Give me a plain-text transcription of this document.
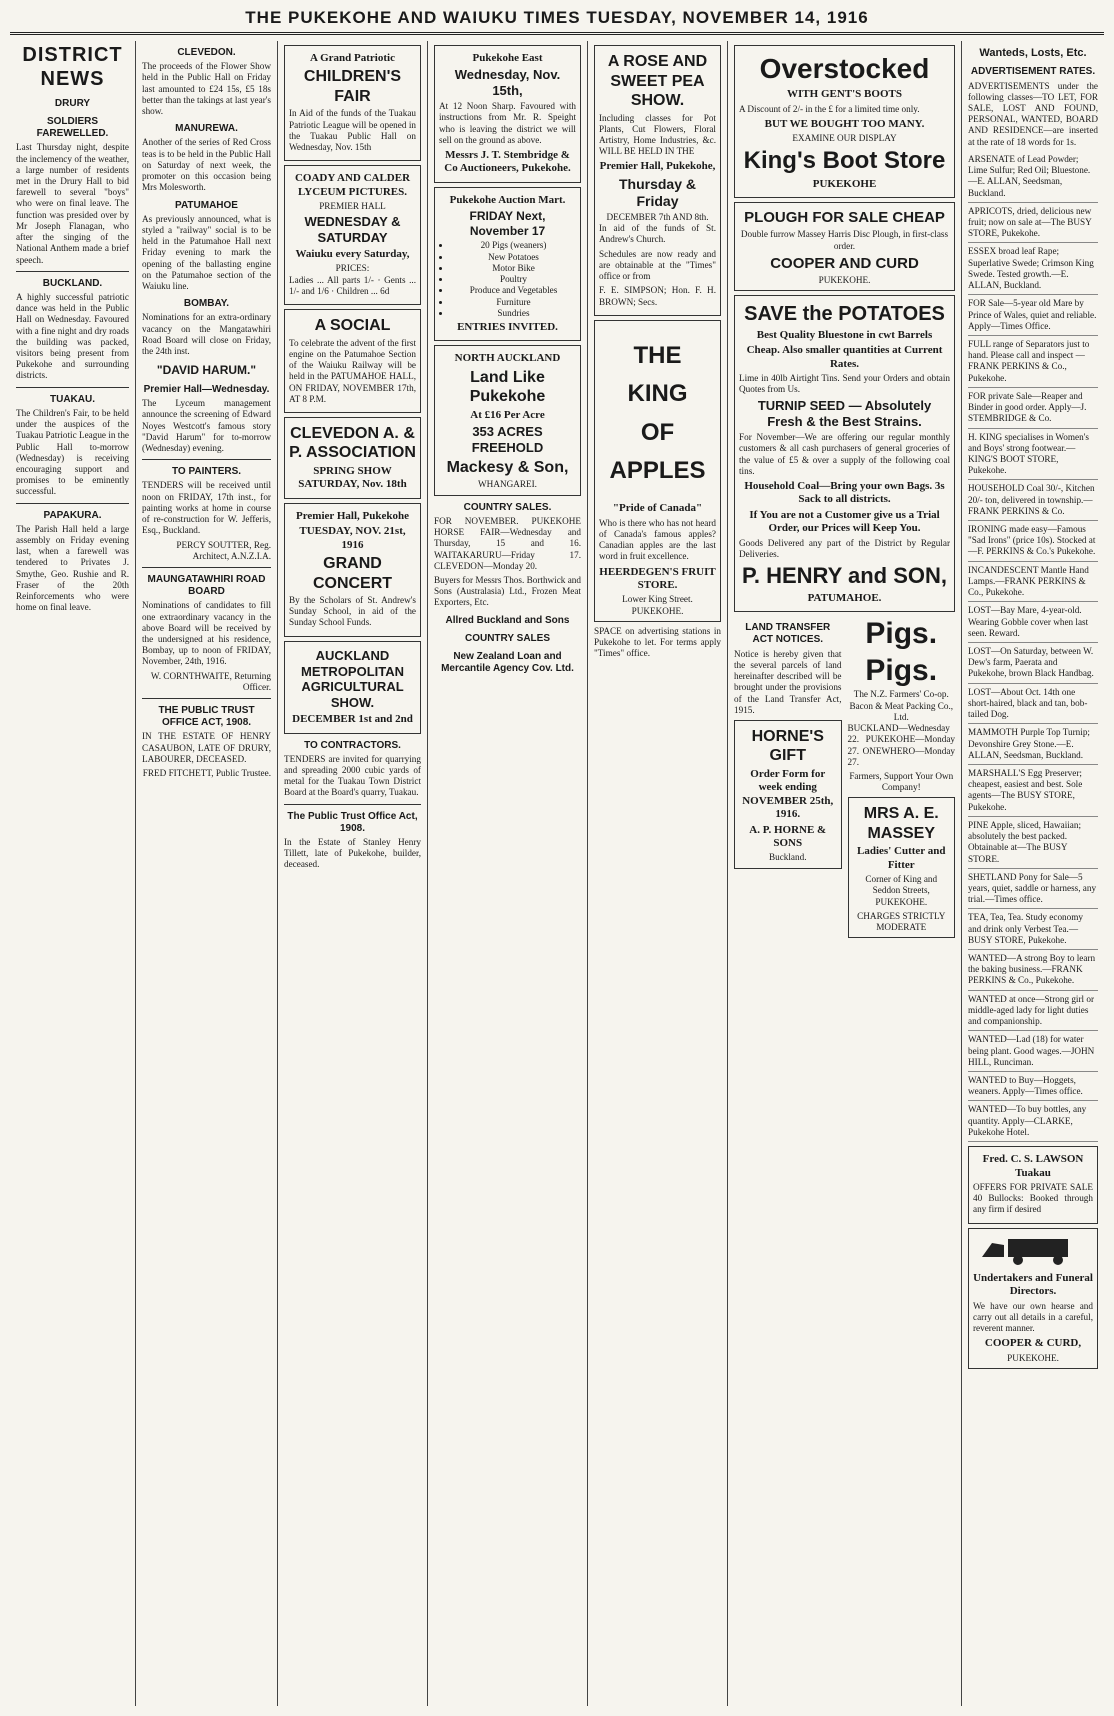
THE PUKEKOHE AND WAIUKU TIMES TUESDAY, NOVEMBER 14, 1916
DISTRICT NEWS
DRURY
SOLDIERS FAREWELLED.

Last Thursday night, despite the inclemency of the weather, a large number of residents met in the Drury Hall to bid farewell to several "boys" who were on final leave. The function was presided over by Mr Joseph Flanagan, who after the singing of the National Anthem made a brief speech.

BUCKLAND.

A highly successful patriotic dance was held in the Public Hall on Wednesday. Favoured with a fine night and dry roads the building was packed, visitors being present from Pukekohe and surrounding districts.

TUAKAU.

The Children's Fair, to be held under the auspices of the Tuakau Patriotic League in the Public Hall to-morrow (Wednesday) is receiving encouraging support and promises to be eminently successful.

PAPAKURA.

The Parish Hall held a large assembly on Friday evening last, when a farewell was tendered to Privates J. Smythe, Geo. Rushie and R. Fraser of the 20th Reinforcements who were home on final leave.

CLEVEDON.

The proceeds of the Flower Show held in the Public Hall on Friday last amounted to £24 15s, £5 18s better than the takings at last year's show.

MANUREWA.

Another of the series of Red Cross teas is to be held in the Public Hall on Saturday of next week, the promoter on this occasion being Mrs Molesworth.

PATUMAHOE

As previously announced, what is styled a "railway" social is to be held in the Patumahoe Hall next Friday evening to mark the opening of the ballasting engine on the Patumahoe section of the Waiuku line.

BOMBAY.

Nominations for an extra-ordinary vacancy on the Mangatawhiri Road Board will close on Friday, the 24th inst.

"DAVID HARUM."
Premier Hall—Wednesday.

The Lyceum management announce the screening of Edward Noyes Westcott's famous story "David Harum" for to-morrow (Wednesday) evening.

TO PAINTERS.

TENDERS will be received until noon on FRIDAY, 17th inst., for painting works at home in course of re-construction for W. Jefferis, Esq., Buckland.

PERCY SOUTTER, Reg. Architect, A.N.Z.I.A.

MAUNGATAWHIRI ROAD BOARD

Nominations of candidates to fill one extraordinary vacancy in the above Board will be received by the undersigned at his residence, Bombay, up to noon of FRIDAY, November, 24th, 1916.

W. CORNTHWAITE, Returning Officer.

THE PUBLIC TRUST OFFICE ACT, 1908.

IN THE ESTATE OF HENRY CASAUBON, LATE OF DRURY, LABOURER, DECEASED.

FRED FITCHETT, Public Trustee.

A Grand Patriotic
CHILDREN'S FAIR

In Aid of the funds of the Tuakau Patriotic League will be opened in the Tuakau Public Hall on Wednesday, Nov. 15th

COADY AND CALDER LYCEUM PICTURES.
PREMIER HALL
WEDNESDAY & SATURDAY
Waiuku every Saturday,
PRICES:

Ladies ... All parts 1/- · Gents ... 1/- and 1/6 · Children ... 6d

A SOCIAL

To celebrate the advent of the first engine on the Patumahoe Section of the Waiuku Railway will be held in the PATUMAHOE HALL, ON FRIDAY, NOVEMBER 17th, AT 8 P.M.

CLEVEDON A. & P. ASSOCIATION
SPRING SHOW SATURDAY, Nov. 18th
Premier Hall, Pukekohe
TUESDAY, NOV. 21st, 1916
GRAND CONCERT

By the Scholars of St. Andrew's Sunday School, in aid of the Sunday School Funds.

AUCKLAND METROPOLITAN AGRICULTURAL SHOW.
DECEMBER 1st and 2nd
TO CONTRACTORS.

TENDERS are invited for quarrying and spreading 2000 cubic yards of metal for the Tuakau Town District Board at the Board's quarry, Tuakau.

The Public Trust Office Act, 1908.

In the Estate of Stanley Henry Tillett, late of Pukekohe, builder, deceased.

Pukekohe East
Wednesday, Nov. 15th,

At 12 Noon Sharp. Favoured with instructions from Mr. R. Speight who is leaving the district we will sell on the ground as above.

Messrs J. T. Stembridge & Co Auctioneers, Pukekohe.
Pukekohe Auction Mart.
FRIDAY Next, November 17
• 20 Pigs (weaners)
• New Potatoes
• Motor Bike
• Poultry
• Produce and Vegetables
• Furniture
• Sundries
ENTRIES INVITED.
NORTH AUCKLAND
Land Like Pukekohe
At £16 Per Acre
353 ACRES FREEHOLD
Mackesy & Son,
WHANGAREI.
COUNTRY SALES.

FOR NOVEMBER. PUKEKOHE HORSE FAIR—Wednesday and Thursday, 15 and 16. WAITAKARURU—Friday 17. CLEVEDON—Monday 20.

Buyers for Messrs Thos. Borthwick and Sons (Australasia) Ltd., Frozen Meat Exporters, Etc.

Allred Buckland and Sons
COUNTRY SALES
New Zealand Loan and Mercantile Agency Cov. Ltd.
A ROSE AND SWEET PEA SHOW.

Including classes for Pot Plants, Cut Flowers, Floral Artistry, Home Industries, &c. WILL BE HELD IN THE

Premier Hall, Pukekohe,
Thursday & Friday
DECEMBER 7th AND 8th.

In aid of the funds of St. Andrew's Church.

Schedules are now ready and are obtainable at the "Times" office or from

F. E. SIMPSON; Hon. F. H. BROWN; Secs.

THE
KING
OF
APPLES
"Pride of Canada"

Who is there who has not heard of Canada's famous apples? Canadian apples are the last word in fruit excellence.

HEERDEGEN'S FRUIT STORE.
Lower King Street. PUKEKOHE.

SPACE on advertising stations in Pukekohe to let. For terms apply "Times" office.

Overstocked
WITH GENT'S BOOTS

A Discount of 2/- in the £ for a limited time only.

BUT WE BOUGHT TOO MANY.
EXAMINE OUR DISPLAY
King's Boot Store
PUKEKOHE
PLOUGH FOR SALE CHEAP

Double furrow Massey Harris Disc Plough, in first-class order.

COOPER AND CURD
PUKEKOHE.
SAVE the POTATOES
Best Quality Bluestone in cwt Barrels
Cheap. Also smaller quantities at Current Rates.

Lime in 40lb Airtight Tins. Send your Orders and obtain Quotes from Us.

TURNIP SEED — Absolutely Fresh & the Best Strains.

For November—We are offering our regular monthly customers & all cash purchasers of general groceries of the value of £5 & over a supply of the following coal tins.

Household Coal—Bring your own Bags. 3s Sack to all districts.
If You are not a Customer give us a Trial Order, our Prices will Keep You.

Goods Delivered any part of the District by Regular Deliveries.

P. HENRY and SON,
PATUMAHOE.
LAND TRANSFER ACT NOTICES.

Notice is hereby given that the several parcels of land hereinafter described will be brought under the provisions of the Land Transfer Act, 1915.

HORNE'S GIFT
Order Form for week ending NOVEMBER 25th, 1916.
A. P. HORNE & SONS
Buckland.
Pigs. Pigs.
The N.Z. Farmers' Co-op.
Bacon & Meat Packing Co., Ltd.

BUCKLAND—Wednesday 22. PUKEKOHE—Monday 27. ONEWHERO—Monday 27.

Farmers, Support Your Own Company!
MRS A. E. MASSEY
Ladies' Cutter and Fitter

Corner of King and Seddon Streets, PUKEKOHE.

CHARGES STRICTLY MODERATE
Wanteds, Losts, Etc.
ADVERTISEMENT RATES.

ADVERTISEMENTS under the following classes—TO LET, FOR SALE, LOST AND FOUND, PERSONAL, WANTED, BOARD AND RESIDENCE—are inserted at the rate of 18 words for 1s.

ARSENATE of Lead Powder; Lime Sulfur; Red Oil; Bluestone. —E. ALLAN, Seedsman, Buckland.
APRICOTS, dried, delicious new fruit; now on sale at—The BUSY STORE, Pukekohe.
ESSEX broad leaf Rape; Superlative Swede; Crimson King Swede. Tested growth.—E. ALLAN, Buckland.
FOR Sale—5-year old Mare by Prince of Wales, quiet and reliable. Apply—Times Office.
FULL range of Separators just to hand. Please call and inspect —FRANK PERKINS & Co., Pukekohe.
FOR private Sale—Reaper and Binder in good order. Apply—J. STEMBRIDGE & Co.
H. KING specialises in Women's and Boys' strong footwear.—KING'S BOOT STORE, Pukekohe.
HOUSEHOLD Coal 30/-, Kitchen 20/- ton, delivered in township.—FRANK PERKINS & Co.
IRONING made easy—Famous "Sad Irons" (price 10s). Stocked at—F. PERKINS & Co.'s Pukekohe.
INCANDESCENT Mantle Hand Lamps.—FRANK PERKINS & Co., Pukekohe.
LOST—Bay Mare, 4-year-old. Wearing Gobble cover when last seen. Reward.
LOST—On Saturday, between W. Dew's farm, Paerata and Pukekohe, brown Black Handbag.
LOST—About Oct. 14th one short-haired, black and tan, bob-tailed Dog.
MAMMOTH Purple Top Turnip; Devonshire Grey Stone.—E. ALLAN, Seedsman, Buckland.
MARSHALL'S Egg Preserver; cheapest, easiest and best. Sole agents—The BUSY STORE, Pukekohe.
PINE Apple, sliced, Hawaiian; absolutely the best packed. Obtainable at—The BUSY STORE.
SHETLAND Pony for Sale—5 years, quiet, saddle or harness, any trial.—Times office.
TEA, Tea, Tea. Study economy and drink only Verbest Tea.—BUSY STORE, Pukekohe.
WANTED—A strong Boy to learn the baking business.—FRANK PERKINS & Co., Pukekohe.
WANTED at once—Strong girl or middle-aged lady for light duties and companionship.
WANTED—Lad (18) for water being plant. Good wages.—JOHN HILL, Runciman.
WANTED to Buy—Hoggets, weaners. Apply—Times office.
WANTED—To buy bottles, any quantity. Apply—CLARKE, Pukekohe Hotel.
Fred. C. S. LAWSON Tuakau

OFFERS FOR PRIVATE SALE 40 Bullocks: Booked through any firm if desired

Undertakers and Funeral Directors.

We have our own hearse and carry out all details in a careful, reverent manner.

COOPER & CURD,
PUKEKOHE.
